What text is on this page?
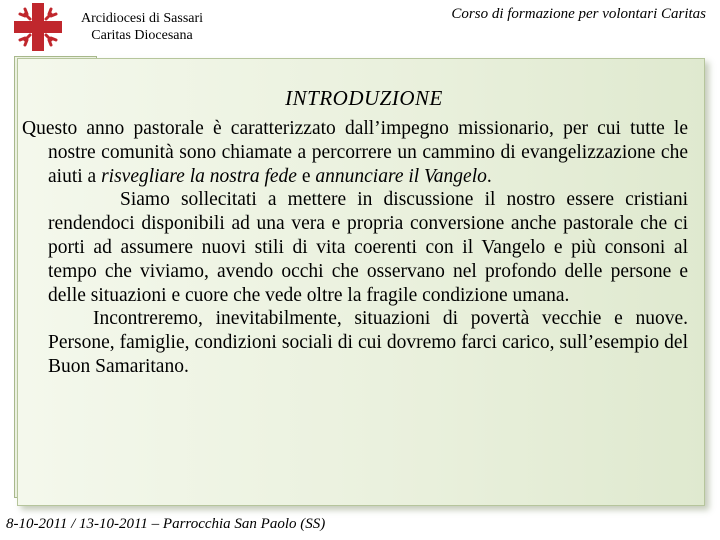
Arcidiocesi di Sassari
Caritas Diocesana
Corso di formazione per volontari Caritas
INTRODUZIONE

Questo anno pastorale è caratterizzato dall’impegno missionario, per cui tutte le nostre comunità sono chiamate a percorrere un cammino di evangelizzazione che aiuti a risvegliare la nostra fede e annunciare il Vangelo.

Siamo sollecitati a mettere in discussione il nostro essere cristiani rendendoci disponibili ad una vera e propria conversione anche pastorale che ci porti ad assumere nuovi stili di vita coerenti con il Vangelo e più consoni al tempo che viviamo, avendo occhi che osservano nel profondo delle persone e delle situazioni e cuore che vede oltre la fragile condizione umana.

Incontreremo, inevitabilmente, situazioni di povertà vecchie e nuove. Persone, famiglie, condizioni sociali di cui dovremo farci carico, sull’esempio del Buon Samaritano.

8-10-2011 / 13-10-2011 – Parrocchia San Paolo (SS)
